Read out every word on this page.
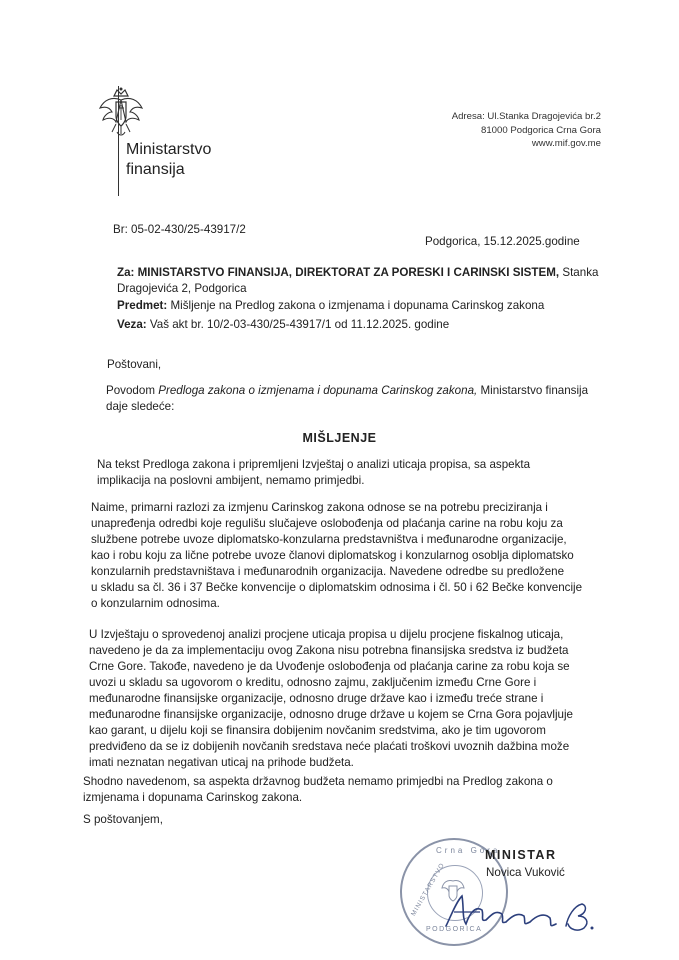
Ministarstvo
finansija
Adresa: Ul.Stanka Dragojevića br.2
81000 Podgorica Crna Gora
www.mif.gov.me
Br: 05-02-430/25-43917/2
Podgorica, 15.12.2025.godine
Za: MINISTARSTVO FINANSIJA, DIREKTORAT ZA PORESKI I CARINSKI SISTEM, Stanka
Dragojevića 2, Podgorica
Predmet: Mišljenje na Predlog zakona o izmjenama i dopunama Carinskog zakona
Veza: Vaš akt br. 10/2-03-430/25-43917/1 od 11.12.2025. godine
Poštovani,
Povodom Predloga zakona o izmjenama i dopunama Carinskog zakona, Ministarstvo finansija
daje sledeće:
MIŠLJENJE
Na tekst Predloga zakona i pripremljeni Izvještaj o analizi uticaja propisa, sa aspekta
implikacija na poslovni ambijent, nemamo primjedbi.
Naime, primarni razlozi za izmjenu Carinskog zakona odnose se na potrebu preciziranja i
unapređenja odredbi koje regulišu slučajeve oslobođenja od plaćanja carine na robu koju za
službene potrebe uvoze diplomatsko-konzularna predstavništva i međunarodne organizacije,
kao i robu koju za lične potrebe uvoze članovi diplomatskog i konzularnog osoblja diplomatsko
konzularnih predstavništava i međunarodnih organizacija. Navedene odredbe su predložene
u skladu sa čl. 36 i 37 Bečke konvencije o diplomatskim odnosima i čl. 50 i 62 Bečke konvencije
o konzularnim odnosima.
U Izvještaju o sprovedenoj analizi procjene uticaja propisa u dijelu procjene fiskalnog uticaja,
navedeno je da za implementaciju ovog Zakona nisu potrebna finansijska sredstva iz budžeta
Crne Gore. Takođe, navedeno je da Uvođenje oslobođenja od plaćanja carine za robu koja se
uvozi u skladu sa ugovorom o kreditu, odnosno zajmu, zaključenim između Crne Gore i
međunarodne finansijske organizacije, odnosno druge države kao i između treće strane i
međunarodne finansijske organizacije, odnosno druge države u kojem se Crna Gora pojavljuje
kao garant, u dijelu koji se finansira dobijenim novčanim sredstvima, ako je tim ugovorom
predviđeno da se iz dobijenih novčanih sredstava neće plaćati troškovi uvoznih dažbina može
imati neznatan negativan uticaj na prihode budžeta.
Shodno navedenom, sa aspekta državnog budžeta nemamo primjedbi na Predlog zakona o
izmjenama i dopunama Carinskog zakona.
S poštovanjem,
Crna Gora
MINISTARSTVO
PODGORICA
MINISTAR
Novica Vuković
